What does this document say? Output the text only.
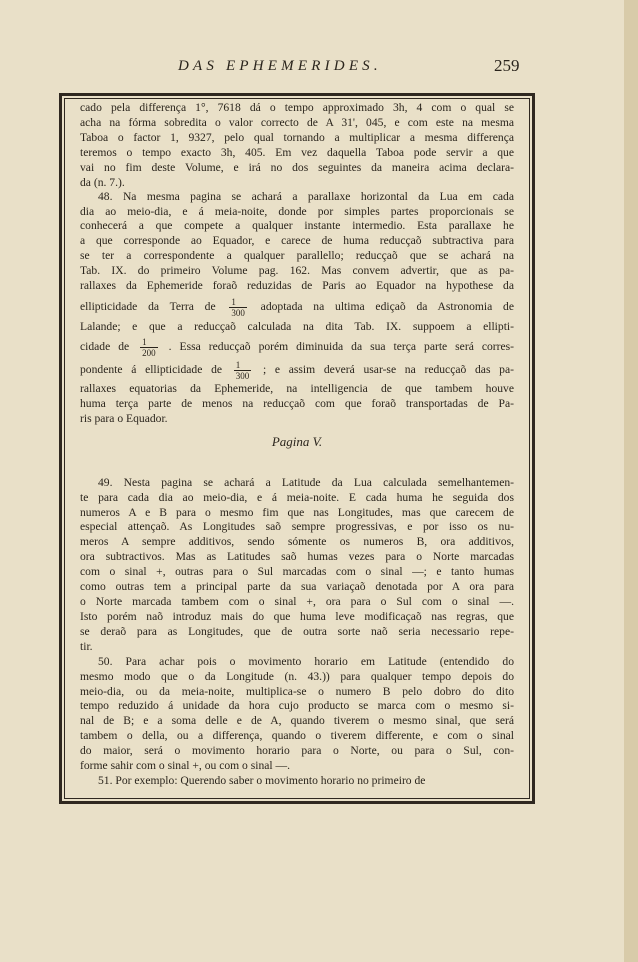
DAS EPHEMERIDES.	259
cado pela differença 1°, 7618 dá o tempo approximado 3h, 4 com o qual se
acha na fórma sobredita o valor correcto de A 31', 045, e com este na mesma
Taboa o factor 1, 9327, pelo qual tornando a multiplicar a mesma differença
teremos o tempo exacto 3h, 405. Em vez daquella Taboa pode servir a que
vai no fim deste Volume, e irá no dos seguintes da maneira acima declara-
da (n. 7.).
48. Na mesma pagina se achará a parallaxe horizontal da Lua em cada
dia ao meio-dia, e á meia-noite, donde por simples partes proporcionais se
conhecerá a que compete a qualquer instante intermedio. Esta parallaxe he
a que corresponde ao Equador, e carece de huma reducçaõ subtractiva para
se ter a correspondente a qualquer parallello; reducçaõ que se achará na
Tab. IX. do primeiro Volume pag. 162. Mas convem advertir, que as pa-
rallaxes da Ephemeride foraõ reduzidas de Paris ao Equador na hypothese da
ellipticidade da Terra de $\frac{1}{300}$ adoptada na ultima ediçaõ da Astronomia de
Lalande; e que a reducçaõ calculada na dita Tab. IX. suppoem a ellipti-
cidade de $\frac{1}{200}$ . Essa reducçaõ porém diminuida da sua terça parte será corres-
pondente á ellipticidade de $\frac{1}{300}$ ; e assim deverá usar-se na reducçaõ das pa-
rallaxes equatorias da Ephemeride, na intelligencia de que tambem houve
huma terça parte de menos na reducçaõ com que foraõ transportadas de Pa-
ris para o Equador.
Pagina V.
49. Nesta pagina se achará a Latitude da Lua calculada semelhantemen-
te para cada dia ao meio-dia, e á meia-noite. E cada huma he seguida dos
numeros A e B para o mesmo fim que nas Longitudes, mas que carecem de
especial attençaõ. As Longitudes saõ sempre progressivas, e por isso os nu-
meros A sempre additivos, sendo sómente os numeros B, ora additivos,
ora subtractivos. Mas as Latitudes saõ humas vezes para o Norte marcadas
com o sinal +, outras para o Sul marcadas com o sinal —; e tanto humas
como outras tem a principal parte da sua variaçaõ denotada por A ora para
o Norte marcada tambem com o sinal +, ora para o Sul com o sinal —.
Isto porém naõ introduz mais do que huma leve modificaçaõ nas regras, que
se deraõ para as Longitudes, que de outra sorte naõ seria necessario repe-
tir.
50. Para achar pois o movimento horario em Latitude (entendido do
mesmo modo que o da Longitude (n. 43.)) para qualquer tempo depois do
meio-dia, ou da meia-noite, multiplica-se o numero B pelo dobro do dito
tempo reduzido á unidade da hora cujo producto se marca com o mesmo si-
nal de B; e a soma delle e de A, quando tiverem o mesmo sinal, que será
tambem o della, ou a differença, quando o tiverem differente, e com o sinal
do maior, será o movimento horario para o Norte, ou para o Sul, con-
forme sahir com o sinal +, ou com o sinal —.
51. Por exemplo: Querendo saber o movimento horario no primeiro de
